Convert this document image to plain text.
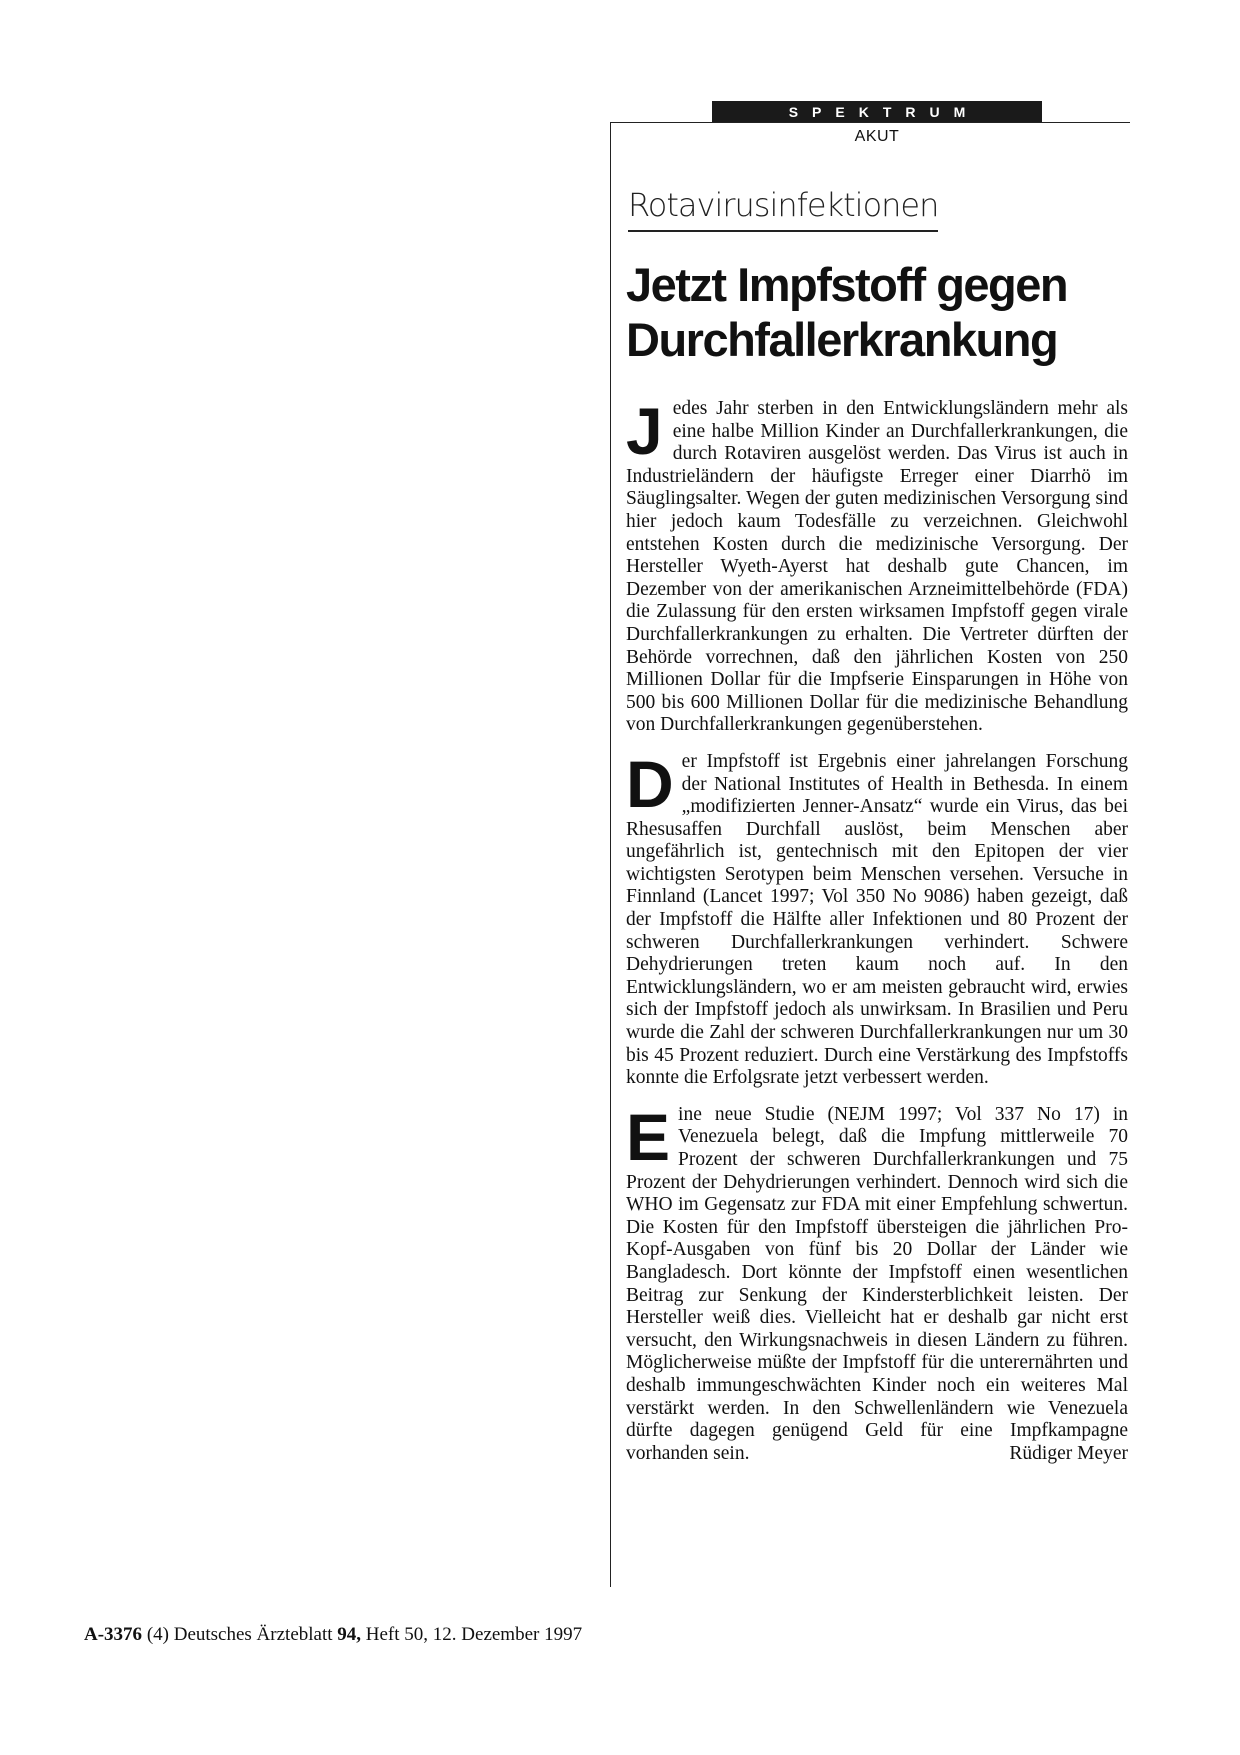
SPEKTRUM
AKUT
Rotavirusinfektionen
Jetzt Impfstoff gegen
Durchfallerkrankung

Jedes Jahr sterben in den Entwicklungsländern mehr als eine halbe Million Kinder an Durchfallerkrankungen, die durch Rotaviren ausgelöst werden. Das Virus ist auch in Industrieländern der häufigste Erreger einer Diarrhö im Säuglingsalter. Wegen der guten medizinischen Versorgung sind hier jedoch kaum Todesfälle zu verzeichnen. Gleichwohl entstehen Kosten durch die medizinische Versorgung. Der Hersteller Wyeth-Ayerst hat deshalb gute Chancen, im Dezember von der amerikanischen Arzneimittelbehörde (FDA) die Zulassung für den ersten wirksamen Impfstoff gegen virale Durchfallerkrankungen zu erhalten. Die Vertreter dürften der Behörde vorrechnen, daß den jährlichen Kosten von 250 Millionen Dollar für die Impfserie Einsparungen in Höhe von 500 bis 600 Millionen Dollar für die medizinische Behandlung von Durchfallerkrankungen gegenüberstehen.

Der Impfstoff ist Ergebnis einer jahrelangen Forschung der National Institutes of Health in Bethesda. In einem „modifizierten Jenner-Ansatz“ wurde ein Virus, das bei Rhesusaffen Durchfall auslöst, beim Menschen aber ungefährlich ist, gentechnisch mit den Epitopen der vier wichtigsten Serotypen beim Menschen versehen. Versuche in Finnland (Lancet 1997; Vol 350 No 9086) haben gezeigt, daß der Impfstoff die Hälfte aller Infektionen und 80 Prozent der schweren Durchfallerkrankungen verhindert. Schwere Dehydrierungen treten kaum noch auf. In den Entwicklungsländern, wo er am meisten gebraucht wird, erwies sich der Impfstoff jedoch als unwirksam. In Brasilien und Peru wurde die Zahl der schweren Durchfallerkrankungen nur um 30 bis 45 Prozent reduziert. Durch eine Verstärkung des Impfstoffs konnte die Erfolgsrate jetzt verbessert werden.

Eine neue Studie (NEJM 1997; Vol 337 No 17) in Venezuela belegt, daß die Impfung mittlerweile 70 Prozent der schweren Durchfallerkrankungen und 75 Prozent der Dehydrierungen verhindert. Dennoch wird sich die WHO im Gegensatz zur FDA mit einer Empfehlung schwertun. Die Kosten für den Impfstoff übersteigen die jährlichen Pro-Kopf-Ausgaben von fünf bis 20 Dollar der Länder wie Bangladesch. Dort könnte der Impfstoff einen wesentlichen Beitrag zur Senkung der Kindersterblichkeit leisten. Der Hersteller weiß dies. Vielleicht hat er deshalb gar nicht erst versucht, den Wirkungsnachweis in diesen Ländern zu führen. Möglicherweise müßte der Impfstoff für die unterernährten und deshalb immungeschwächten Kinder noch ein weiteres Mal verstärkt werden. In den Schwellenländern wie Venezuela dürfte dagegen genügend Geld für eine Impfkampagne vorhanden sein.	Rüdiger Meyer

A-3376 (4) Deutsches Ärzteblatt 94, Heft 50, 12. Dezember 1997
